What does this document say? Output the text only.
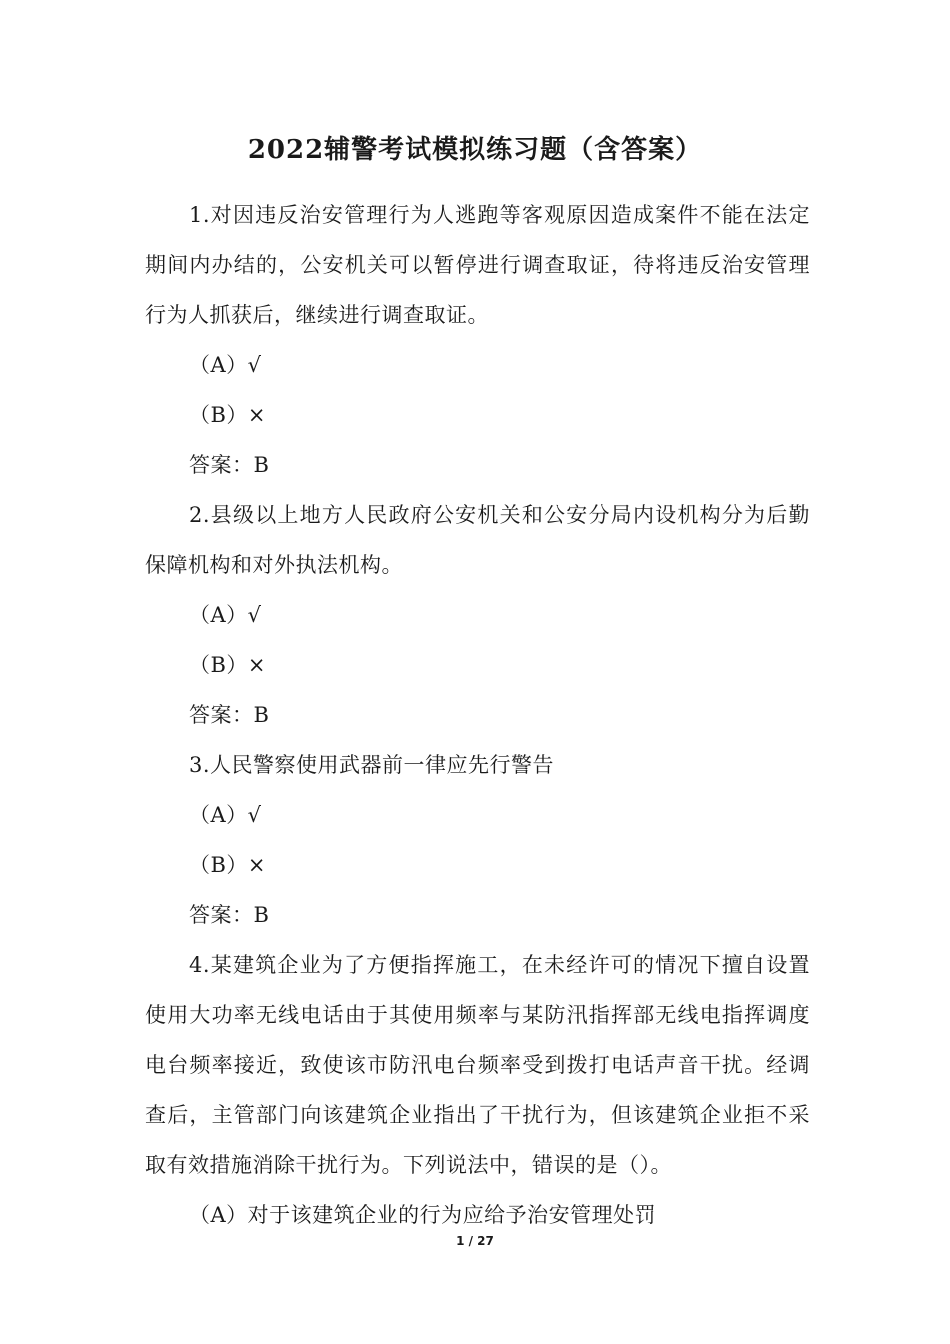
2022辅警考试模拟练习题（含答案）

1.对因违反治安管理行为人逃跑等客观原因造成案件不能在法定期间内办结的，公安机关可以暂停进行调查取证，待将违反治安管理行为人抓获后，继续进行调查取证。

（A）√

（B）×

答案：B

2.县级以上地方人民政府公安机关和公安分局内设机构分为后勤保障机构和对外执法机构。

（A）√

（B）×

答案：B

3.人民警察使用武器前一律应先行警告

（A）√

（B）×

答案：B

4.某建筑企业为了方便指挥施工，在未经许可的情况下擅自设置使用大功率无线电话由于其使用频率与某防汛指挥部无线电指挥调度电台频率接近，致使该市防汛电台频率受到拨打电话声音干扰。经调查后，主管部门向该建筑企业指出了干扰行为，但该建筑企业拒不采取有效措施消除干扰行为。下列说法中，错误的是（）。

（A）对于该建筑企业的行为应给予治安管理处罚

1 / 27
